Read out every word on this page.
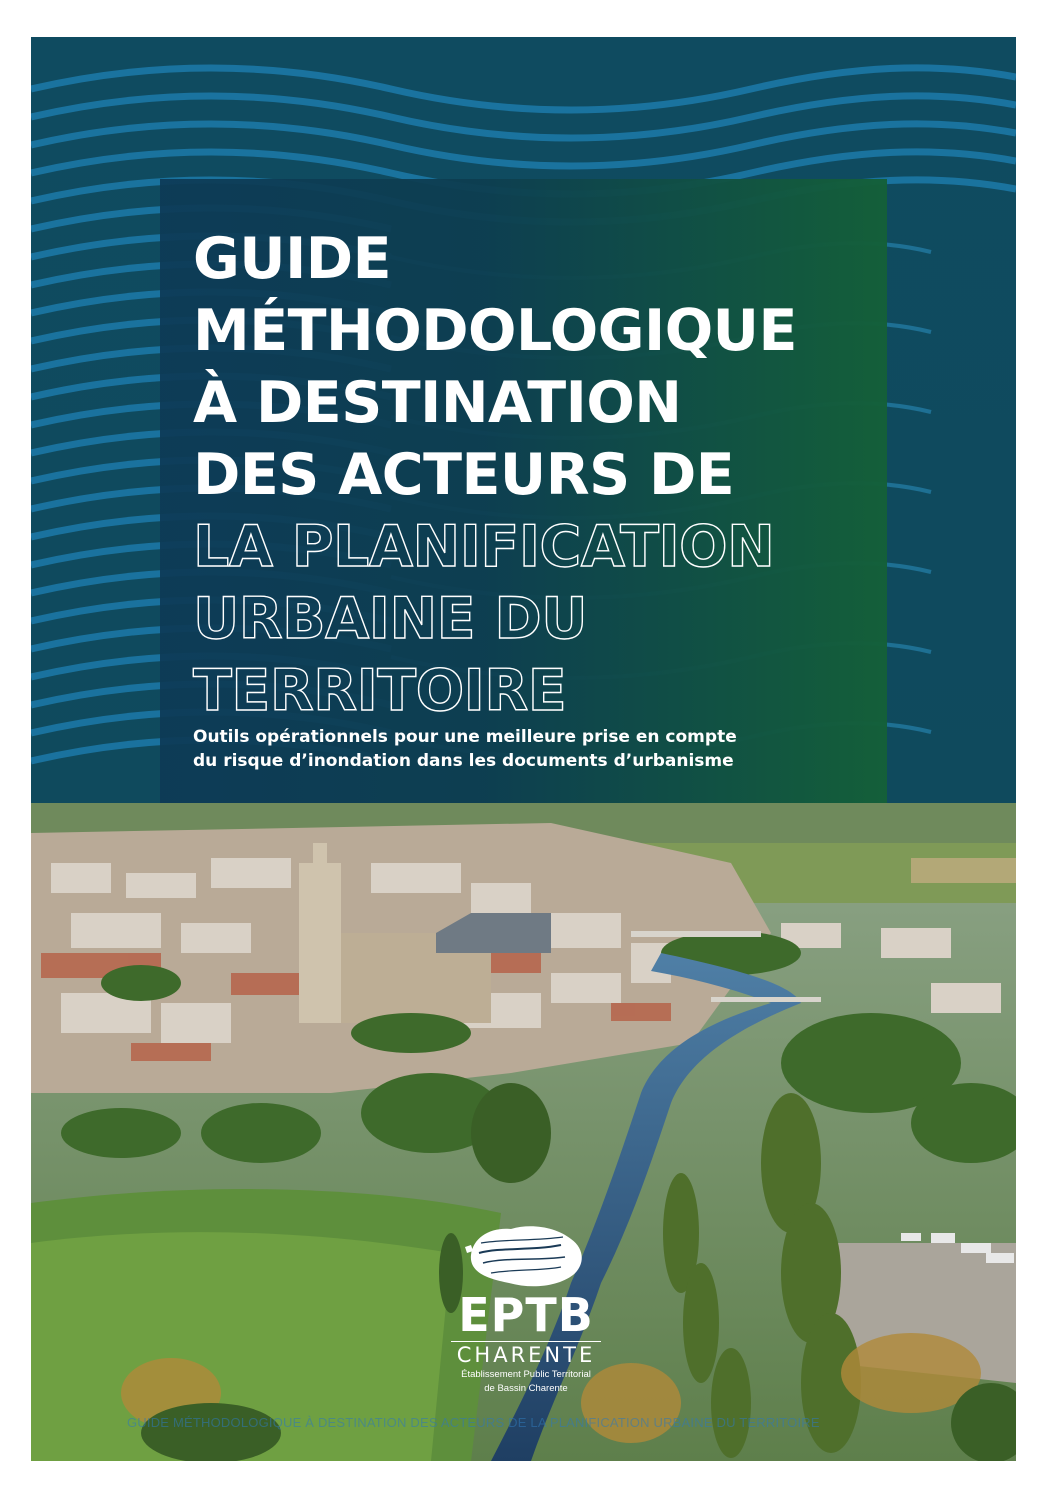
GUIDE
MÉTHODOLOGIQUE
À DESTINATION
DES ACTEURS DE
LA PLANIFICATION
URBAINE DU
TERRITOIRE
Outils opérationnels pour une meilleure prise en compte
du risque d’inondation dans les documents d’urbanisme
EPTB
CHARENTE
Établissement Public Territorial
de Bassin Charente
GUIDE MÉTHODOLOGIQUE À DESTINATION DES ACTEURS DE LA PLANIFICATION URBAINE DU TERRITOIRE
